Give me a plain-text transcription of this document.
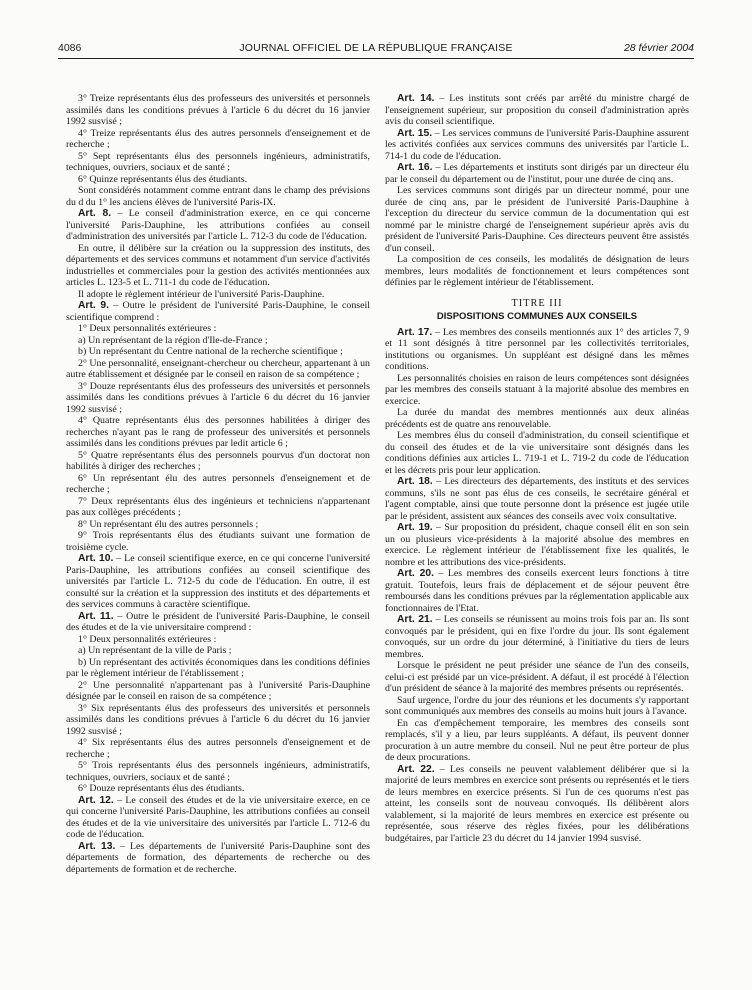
4086	JOURNAL OFFICIEL DE LA RÉPUBLIQUE FRANÇAISE	28 février 2004

3° Treize représentants élus des professeurs des universités et personnels assimilés dans les conditions prévues à l'article 6 du décret du 16 janvier 1992 susvisé ;

4° Treize représentants élus des autres personnels d'enseignement et de recherche ;

5° Sept représentants élus des personnels ingénieurs, administratifs, techniques, ouvriers, sociaux et de santé ;

6° Quinze représentants élus des étudiants.

Sont considérés notamment comme entrant dans le champ des prévisions du d du 1° les anciens élèves de l'université Paris-IX.

Art. 8. – Le conseil d'administration exerce, en ce qui concerne l'université Paris-Dauphine, les attributions confiées au conseil d'administration des universités par l'article L. 712-3 du code de l'éducation.

En outre, il délibère sur la création ou la suppression des instituts, des départements et des services communs et notamment d'un service d'activités industrielles et commerciales pour la gestion des activités mentionnées aux articles L. 123-5 et L. 711-1 du code de l'éducation.

Il adopte le règlement intérieur de l'université Paris-Dauphine.

Art. 9. – Outre le président de l'université Paris-Dauphine, le conseil scientifique comprend :

1° Deux personnalités extérieures :

a) Un représentant de la région d'Ile-de-France ;

b) Un représentant du Centre national de la recherche scientifique ;

2° Une personnalité, enseignant-chercheur ou chercheur, appartenant à un autre établissement et désignée par le conseil en raison de sa compétence ;

3° Douze représentants élus des professeurs des universités et personnels assimilés dans les conditions prévues à l'article 6 du décret du 16 janvier 1992 susvisé ;

4° Quatre représentants élus des personnes habilitées à diriger des recherches n'ayant pas le rang de professeur des universités et personnels assimilés dans les conditions prévues par ledit article 6 ;

5° Quatre représentants élus des personnels pourvus d'un doctorat non habilités à diriger des recherches ;

6° Un représentant élu des autres personnels d'enseignement et de recherche ;

7° Deux représentants élus des ingénieurs et techniciens n'appartenant pas aux collèges précédents ;

8° Un représentant élu des autres personnels ;

9° Trois représentants élus des étudiants suivant une formation de troisième cycle.

Art. 10. – Le conseil scientifique exerce, en ce qui concerne l'université Paris-Dauphine, les attributions confiées au conseil scientifique des universités par l'article L. 712-5 du code de l'éducation. En outre, il est consulté sur la création et la suppression des instituts et des départements et des services communs à caractère scientifique.

Art. 11. – Outre le président de l'université Paris-Dauphine, le conseil des études et de la vie universitaire comprend :

1° Deux personnalités extérieures :

a) Un représentant de la ville de Paris ;

b) Un représentant des activités économiques dans les conditions définies par le règlement intérieur de l'établissement ;

2° Une personnalité n'appartenant pas à l'université Paris-Dauphine désignée par le conseil en raison de sa compétence ;

3° Six représentants élus des professeurs des universités et personnels assimilés dans les conditions prévues à l'article 6 du décret du 16 janvier 1992 susvisé ;

4° Six représentants élus des autres personnels d'enseignement et de recherche ;

5° Trois représentants élus des personnels ingénieurs, administratifs, techniques, ouvriers, sociaux et de santé ;

6° Douze représentants élus des étudiants.

Art. 12. – Le conseil des études et de la vie universitaire exerce, en ce qui concerne l'université Paris-Dauphine, les attributions confiées au conseil des études et de la vie universitaire des universités par l'article L. 712-6 du code de l'éducation.

Art. 13. – Les départements de l'université Paris-Dauphine sont des départements de formation, des départements de recherche ou des départements de formation et de recherche.

Art. 14. – Les instituts sont créés par arrêté du ministre chargé de l'enseignement supérieur, sur proposition du conseil d'administration après avis du conseil scientifique.

Art. 15. – Les services communs de l'université Paris-Dauphine assurent les activités confiées aux services communs des universités par l'article L. 714-1 du code de l'éducation.

Art. 16. – Les départements et instituts sont dirigés par un directeur élu par le conseil du département ou de l'institut, pour une durée de cinq ans.

Les services communs sont dirigés par un directeur nommé, pour une durée de cinq ans, par le président de l'université Paris-Dauphine à l'exception du directeur du service commun de la documentation qui est nommé par le ministre chargé de l'enseignement supérieur après avis du président de l'université Paris-Dauphine. Ces directeurs peuvent être assistés d'un conseil.

La composition de ces conseils, les modalités de désignation de leurs membres, leurs modalités de fonctionnement et leurs compétences sont définies par le règlement intérieur de l'établissement.

TITRE III

DISPOSITIONS COMMUNES AUX CONSEILS

Art. 17. – Les membres des conseils mentionnés aux 1° des articles 7, 9 et 11 sont désignés à titre personnel par les collectivités territoriales, institutions ou organismes. Un suppléant est désigné dans les mêmes conditions.

Les personnalités choisies en raison de leurs compétences sont désignées par les membres des conseils statuant à la majorité absolue des membres en exercice.

La durée du mandat des membres mentionnés aux deux alinéas précédents est de quatre ans renouvelable.

Les membres élus du conseil d'administration, du conseil scientifique et du conseil des études et de la vie universitaire sont désignés dans les conditions définies aux articles L. 719-1 et L. 719-2 du code de l'éducation et les décrets pris pour leur application.

Art. 18. – Les directeurs des départements, des instituts et des services communs, s'ils ne sont pas élus de ces conseils, le secrétaire général et l'agent comptable, ainsi que toute personne dont la présence est jugée utile par le président, assistent aux séances des conseils avec voix consultative.

Art. 19. – Sur proposition du président, chaque conseil élit en son sein un ou plusieurs vice-présidents à la majorité absolue des membres en exercice. Le règlement intérieur de l'établissement fixe les qualités, le nombre et les attributions des vice-présidents.

Art. 20. – Les membres des conseils exercent leurs fonctions à titre gratuit. Toutefois, leurs frais de déplacement et de séjour peuvent être remboursés dans les conditions prévues par la réglementation applicable aux fonctionnaires de l'Etat.

Art. 21. – Les conseils se réunissent au moins trois fois par an. Ils sont convoqués par le président, qui en fixe l'ordre du jour. Ils sont également convoqués, sur un ordre du jour déterminé, à l'initiative du tiers de leurs membres.

Lorsque le président ne peut présider une séance de l'un des conseils, celui-ci est présidé par un vice-président. A défaut, il est procédé à l'élection d'un président de séance à la majorité des membres présents ou représentés.

Sauf urgence, l'ordre du jour des réunions et les documents s'y rapportant sont communiqués aux membres des conseils au moins huit jours à l'avance.

En cas d'empêchement temporaire, les membres des conseils sont remplacés, s'il y a lieu, par leurs suppléants. A défaut, ils peuvent donner procuration à un autre membre du conseil. Nul ne peut être porteur de plus de deux procurations.

Art. 22. – Les conseils ne peuvent valablement délibérer que si la majorité de leurs membres en exercice sont présents ou représentés et le tiers de leurs membres en exercice présents. Si l'un de ces quorums n'est pas atteint, les conseils sont de nouveau convoqués. Ils délibèrent alors valablement, si la majorité de leurs membres en exercice est présente ou représentée, sous réserve des règles fixées, pour les délibérations budgétaires, par l'article 23 du décret du 14 janvier 1994 susvisé.
